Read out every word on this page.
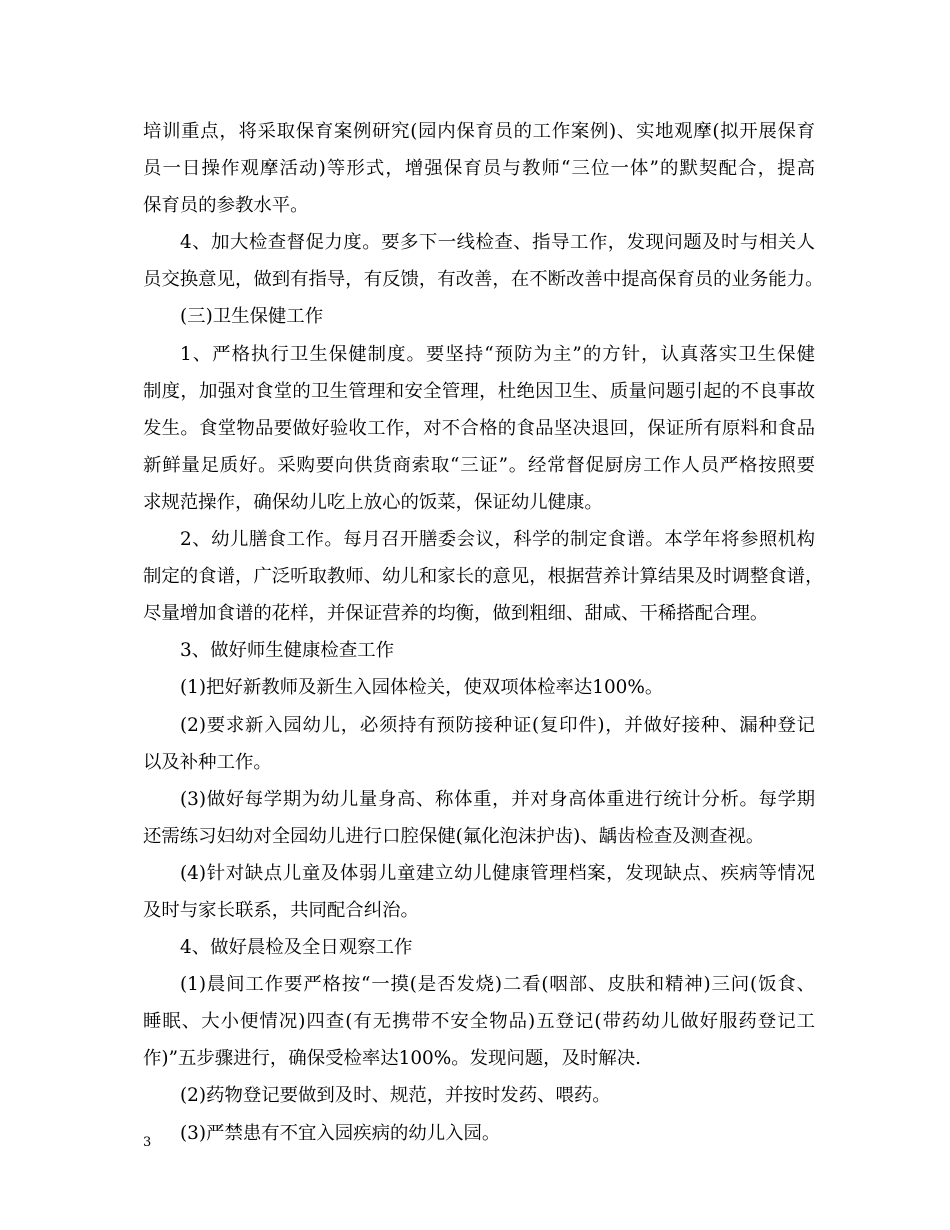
培训重点，将采取保育案例研究(园内保育员的工作案例)、实地观摩(拟开展保育
员一日操作观摩活动)等形式，增强保育员与教师“三位一体”的默契配合，提高
保育员的参教水平。
4、加大检查督促力度。要多下一线检查、指导工作，发现问题及时与相关人
员交换意见，做到有指导，有反馈，有改善，在不断改善中提高保育员的业务能力。
(三)卫生保健工作
1、严格执行卫生保健制度。要坚持“预防为主”的方针，认真落实卫生保健
制度，加强对食堂的卫生管理和安全管理，杜绝因卫生、质量问题引起的不良事故
发生。食堂物品要做好验收工作，对不合格的食品坚决退回，保证所有原料和食品
新鲜量足质好。采购要向供货商索取“三证”。经常督促厨房工作人员严格按照要
求规范操作，确保幼儿吃上放心的饭菜，保证幼儿健康。
2、幼儿膳食工作。每月召开膳委会议，科学的制定食谱。本学年将参照机构
制定的食谱，广泛听取教师、幼儿和家长的意见，根据营养计算结果及时调整食谱，
尽量增加食谱的花样，并保证营养的均衡，做到粗细、甜咸、干稀搭配合理。
3、做好师生健康检查工作
(1)把好新教师及新生入园体检关，使双项体检率达100%。
(2)要求新入园幼儿，必须持有预防接种证(复印件)，并做好接种、漏种登记
以及补种工作。
(3)做好每学期为幼儿量身高、称体重，并对身高体重进行统计分析。每学期
还需练习妇幼对全园幼儿进行口腔保健(氟化泡沫护齿)、龋齿检查及测查视。
(4)针对缺点儿童及体弱儿童建立幼儿健康管理档案，发现缺点、疾病等情况
及时与家长联系，共同配合纠治。
4、做好晨检及全日观察工作
(1)晨间工作要严格按“一摸(是否发烧)二看(咽部、皮肤和精神)三问(饭食、
睡眠、大小便情况)四查(有无携带不安全物品)五登记(带药幼儿做好服药登记工
作)”五步骤进行，确保受检率达100%。发现问题，及时解决.
(2)药物登记要做到及时、规范，并按时发药、喂药。
(3)严禁患有不宜入园疾病的幼儿入园。
3
